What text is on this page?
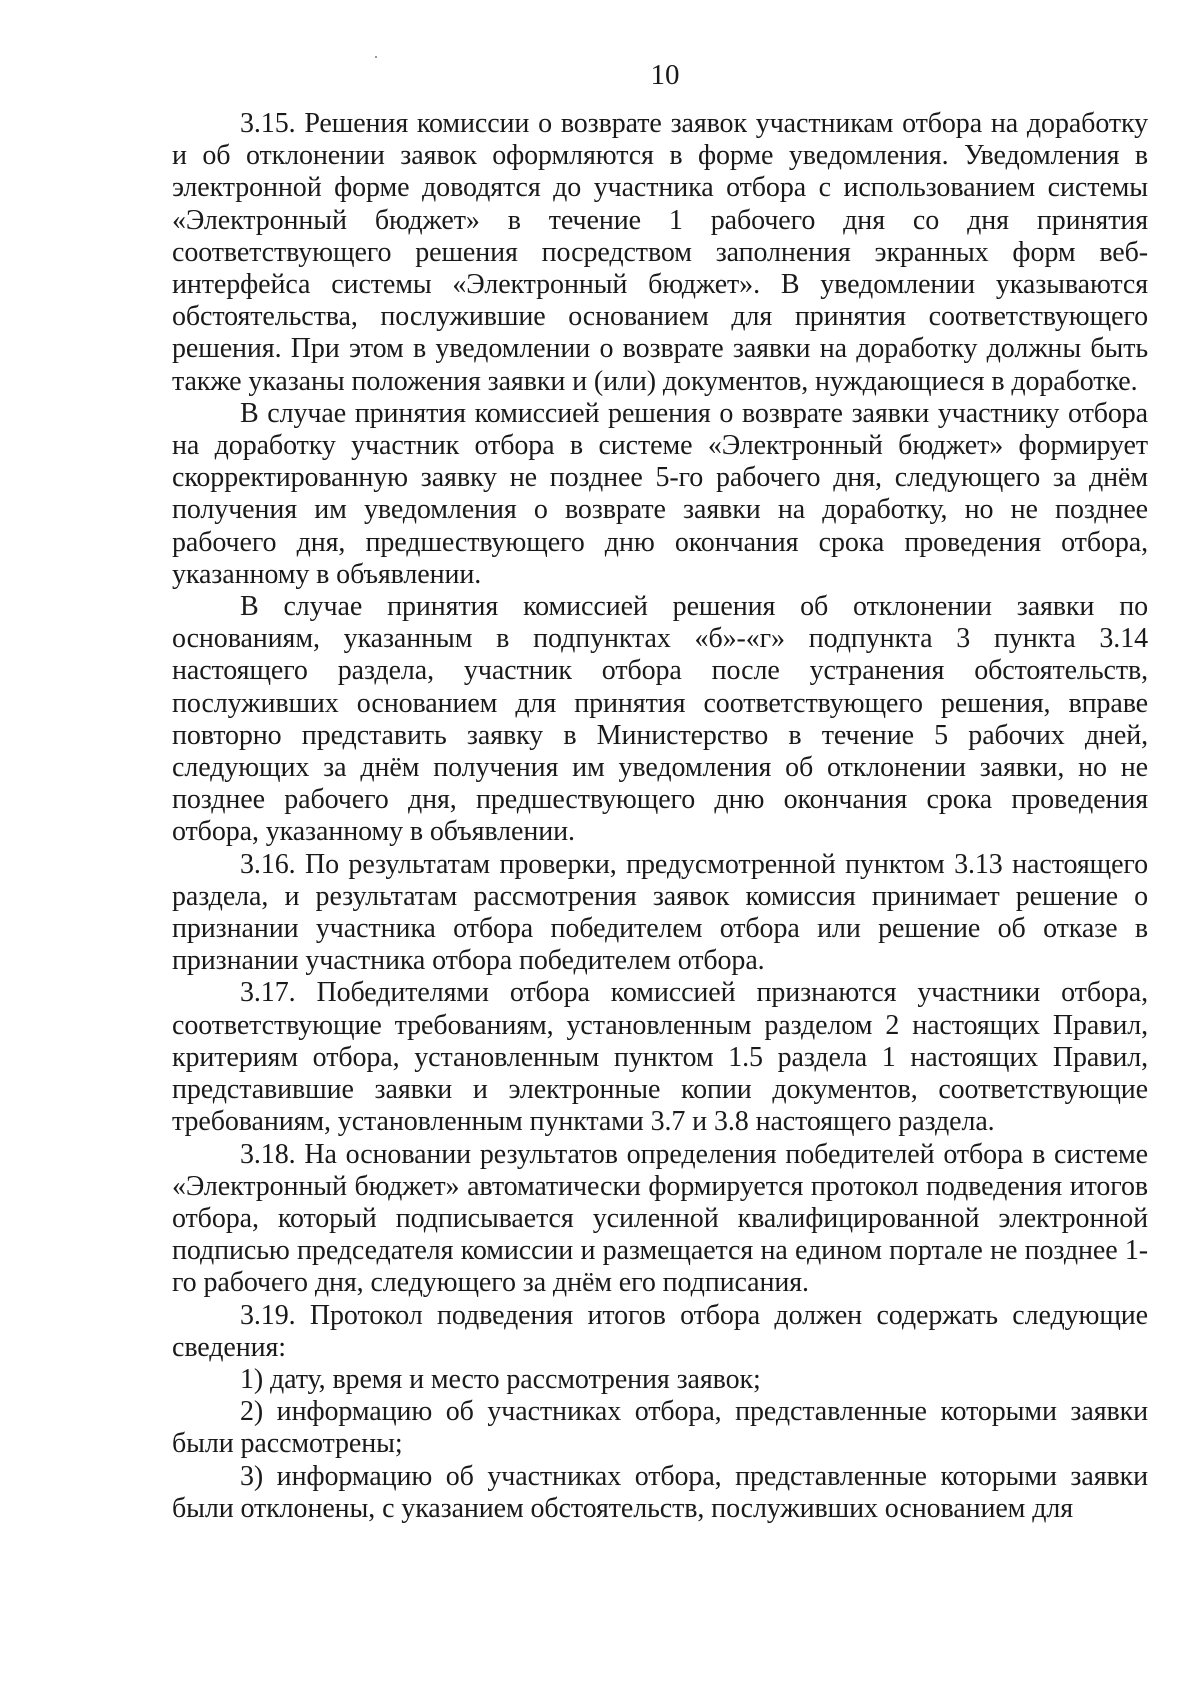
10

3.15. Решения комиссии о возврате заявок участникам отбора на доработку и об отклонении заявок оформляются в форме уведомления. Уведомления в электронной форме доводятся до участника отбора с использованием системы «Электронный бюджет» в течение 1 рабочего дня со дня принятия соответствующего решения посредством заполнения экранных форм веб-интерфейса системы «Электронный бюджет». В уведомлении указываются обстоятельства, послужившие основанием для принятия соответствующего решения. При этом в уведомлении о возврате заявки на доработку должны быть также указаны положения заявки и (или) документов, нуждающиеся в доработке.

В случае принятия комиссией решения о возврате заявки участнику отбора на доработку участник отбора в системе «Электронный бюджет» формирует скорректированную заявку не позднее 5-го рабочего дня, следующего за днём получения им уведомления о возврате заявки на доработку, но не позднее рабочего дня, предшествующего дню окончания срока проведения отбора, указанному в объявлении.

В случае принятия комиссией решения об отклонении заявки по основаниям, указанным в подпунктах «б»-«г» подпункта 3 пункта 3.14 настоящего раздела, участник отбора после устранения обстоятельств, послуживших основанием для принятия соответствующего решения, вправе повторно представить заявку в Министерство в течение 5 рабочих дней, следующих за днём получения им уведомления об отклонении заявки, но не позднее рабочего дня, предшествующего дню окончания срока проведения отбора, указанному в объявлении.

3.16. По результатам проверки, предусмотренной пунктом 3.13 настоящего раздела, и результатам рассмотрения заявок комиссия принимает решение о признании участника отбора победителем отбора или решение об отказе в признании участника отбора победителем отбора.

3.17. Победителями отбора комиссией признаются участники отбора, соответствующие требованиям, установленным разделом 2 настоящих Правил, критериям отбора, установленным пунктом 1.5 раздела 1 настоящих Правил, представившие заявки и электронные копии документов, соответствующие требованиям, установленным пунктами 3.7 и 3.8 настоящего раздела.

3.18. На основании результатов определения победителей отбора в системе «Электронный бюджет» автоматически формируется протокол подведения итогов отбора, который подписывается усиленной квалифицированной электронной подписью председателя комиссии и размещается на едином портале не позднее 1-го рабочего дня, следующего за днём его подписания.

3.19. Протокол подведения итогов отбора должен содержать следующие сведения:

1) дату, время и место рассмотрения заявок;

2) информацию об участниках отбора, представленные которыми заявки были рассмотрены;

3) информацию об участниках отбора, представленные которыми заявки были отклонены, с указанием обстоятельств, послуживших основанием для
